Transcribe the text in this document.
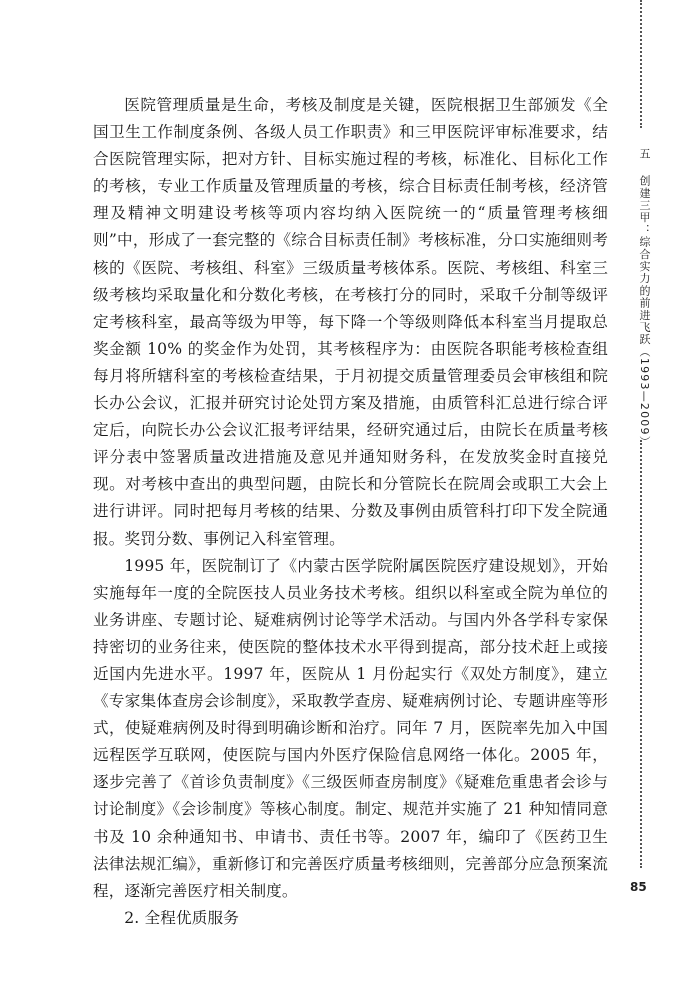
医院管理质量是生命，考核及制度是关键，医院根据卫生部颁发《全国卫生工作制度条例、各级人员工作职责》和三甲医院评审标准要求，结合医院管理实际，把对方针、目标实施过程的考核，标准化、目标化工作的考核，专业工作质量及管理质量的考核，综合目标责任制考核，经济管理及精神文明建设考核等项内容均纳入医院统一的“质量管理考核细则”中，形成了一套完整的《综合目标责任制》考核标准，分口实施细则考核的《医院、考核组、科室》三级质量考核体系。医院、考核组、科室三级考核均采取量化和分数化考核，在考核打分的同时，采取千分制等级评定考核科室，最高等级为甲等，每下降一个等级则降低本科室当月提取总奖金额 10% 的奖金作为处罚，其考核程序为：由医院各职能考核检查组每月将所辖科室的考核检查结果，于月初提交质量管理委员会审核组和院长办公会议，汇报并研究讨论处罚方案及措施，由质管科汇总进行综合评定后，向院长办公会议汇报考评结果，经研究通过后，由院长在质量考核评分表中签署质量改进措施及意见并通知财务科，在发放奖金时直接兑现。对考核中查出的典型问题，由院长和分管院长在院周会或职工大会上进行讲评。同时把每月考核的结果、分数及事例由质管科打印下发全院通报。奖罚分数、事例记入科室管理。

1995 年，医院制订了《内蒙古医学院附属医院医疗建设规划》，开始实施每年一度的全院医技人员业务技术考核。组织以科室或全院为单位的业务讲座、专题讨论、疑难病例讨论等学术活动。与国内外各学科专家保持密切的业务往来，使医院的整体技术水平得到提高，部分技术赶上或接近国内先进水平。1997 年，医院从 1 月份起实行《双处方制度》，建立《专家集体查房会诊制度》，采取教学查房、疑难病例讨论、专题讲座等形式，使疑难病例及时得到明确诊断和治疗。同年 7 月，医院率先加入中国远程医学互联网，使医院与国内外医疗保险信息网络一体化。2005 年，逐步完善了《首诊负责制度》《三级医师查房制度》《疑难危重患者会诊与讨论制度》《会诊制度》等核心制度。制定、规范并实施了 21 种知情同意书及 10 余种通知书、申请书、责任书等。2007 年，编印了《医药卫生法律法规汇编》，重新修订和完善医疗质量考核细则，完善部分应急预案流程，逐渐完善医疗相关制度。

2. 全程优质服务

五 创建三甲：综合实力的前进飞跃（1993—2009）
85
